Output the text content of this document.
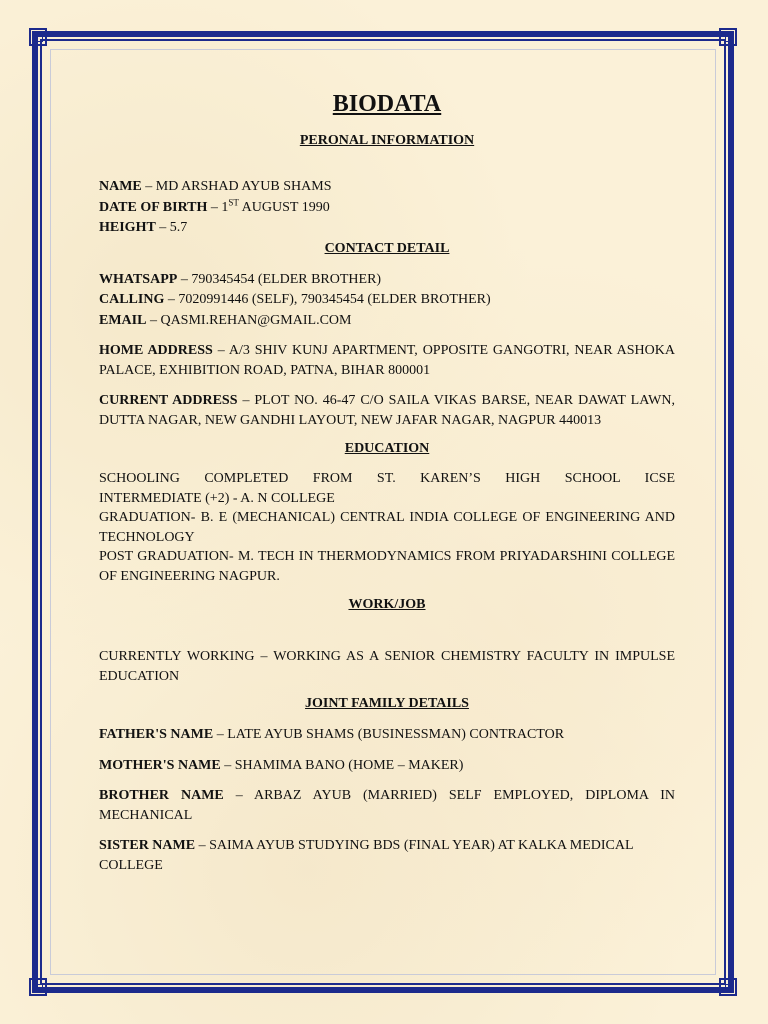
BIODATA
PERONAL INFORMATION

NAME – MD ARSHAD AYUB SHAMS

DATE OF BIRTH – 1ST AUGUST 1990

HEIGHT – 5.7

CONTACT DETAIL

WHATSAPP – 790345454 (ELDER BROTHER)

CALLING – 7020991446 (SELF), 790345454 (ELDER BROTHER)

EMAIL – QASMI.REHAN@GMAIL.COM

HOME ADDRESS – A/3 SHIV KUNJ APARTMENT, OPPOSITE GANGOTRI, NEAR ASHOKA PALACE, EXHIBITION ROAD, PATNA, BIHAR 800001

CURRENT ADDRESS – PLOT NO. 46-47 C/O SAILA VIKAS BARSE, NEAR DAWAT LAWN, DUTTA NAGAR, NEW GANDHI LAYOUT, NEW JAFAR NAGAR, NAGPUR 440013

EDUCATION

SCHOOLING COMPLETED FROM ST. KAREN’S HIGH SCHOOL ICSE

INTERMEDIATE (+2) - A. N COLLEGE

GRADUATION- B. E (MECHANICAL) CENTRAL INDIA COLLEGE OF ENGINEERING AND TECHNOLOGY

POST GRADUATION- M. TECH IN THERMODYNAMICS FROM PRIYADARSHINI COLLEGE OF ENGINEERING NAGPUR.

WORK/JOB

CURRENTLY WORKING – WORKING AS A SENIOR CHEMISTRY FACULTY IN IMPULSE EDUCATION

JOINT FAMILY DETAILS

FATHER'S NAME – LATE AYUB SHAMS (BUSINESSMAN) CONTRACTOR

MOTHER'S NAME – SHAMIMA BANO (HOME – MAKER)

BROTHER NAME – ARBAZ AYUB (MARRIED) SELF EMPLOYED, DIPLOMA IN MECHANICAL

SISTER NAME – SAIMA AYUB STUDYING BDS (FINAL YEAR) AT KALKA MEDICAL COLLEGE
